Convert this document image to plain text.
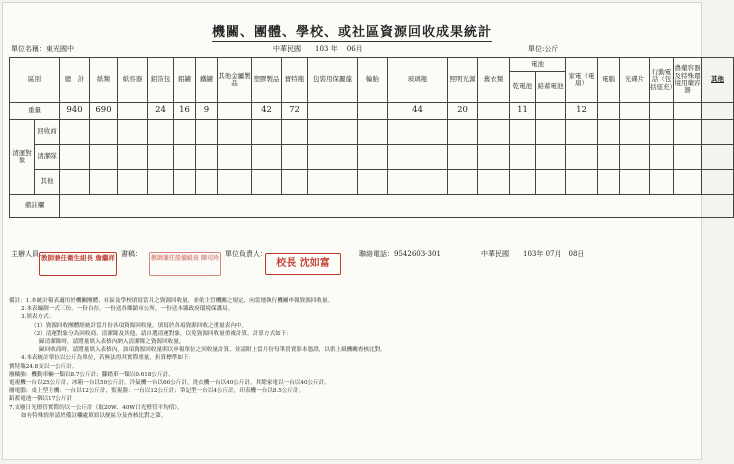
機關、團體、學校、或社區資源回收成果統計
單位名稱：東光國中	中華民國　　103 年　 06月	單位:公斤
區別		總　計	紙類	紙容器	鋁箔包	鋁罐	鐵罐	其他金屬製品	塑膠製品	寶特瓶	包裝用保麗龍	輪胎	玻璃瓶	照明光源	舊衣類	電池		家電（電扇）	電腦	光碟片	行動電話（包括座充）	農藥容器及特殊環境用藥容器	其他
																乾電池	鉛蓄電池						
重量		940	690		24	16	9		42	72			44	20		11		12					
清運對象	回收商																						
	清潔隊																						
	其他																						
備註欄																							
主辦人員：
教師兼任衛生組長 詹繼祥 書稿：
教師兼任設備組長 陳司玲
單位負責人：
校長 沈如富
聯絡電話：9542603-301	中華民國　　103年 07月　08日
備註：1.本統計報表適用於機關團體、社區及學校填寫當月之資源回收量，並依主管機關之規定，向當地執行機關申報資源回收量。
2.本表編制一式三份，一份自存，一份送各鄉鎮市公所，一份送本縣政府環境保護局。
3.填表方式：
（1）資源回收團體經統計當月份各項資源回收量，填寫於各項資源回收之重量表內中。
（2）清運對象分為回收商、清潔隊及其他，請自選清運對象，以免資源回收量重複計算，計算方式如下：
歸清潔隊時，請將量填入表格內納入清潔隊之資源回收量。
歸回收商時，請將量填入表格內，該項資源回收量則以申報單位之回收量計算，並請附上當月份每筆買賣影本憑證，以供上級機關查核比對。
4.本表統計單位以公斤為單位，若無法得其實際重量，折算標準如下：
寶特瓶24.8支以一公斤計。
廢輪胎：機動車輛一類以8.7公斤計；腳踏車一類以0.618公斤計。
電視機一台以25公斤計，冰箱一台以50公斤計，冷氣機一台以60公斤計，洗衣機一台以40公斤計，其餘家電以一台以40公斤計。
廢電腦：桌上型主機：一台以12公斤計，監視器：一台以12公斤計；筆記型一台以4公斤計，印表機一台以8.5公斤計。
鉛蓄電池一個以17公斤計
7.支廢日光燈管實際約以一公斤計（取20W、40W日光燈管平均值）。
如有特殊情形請於備註欄處填寫以便區分及查核比對之第。
